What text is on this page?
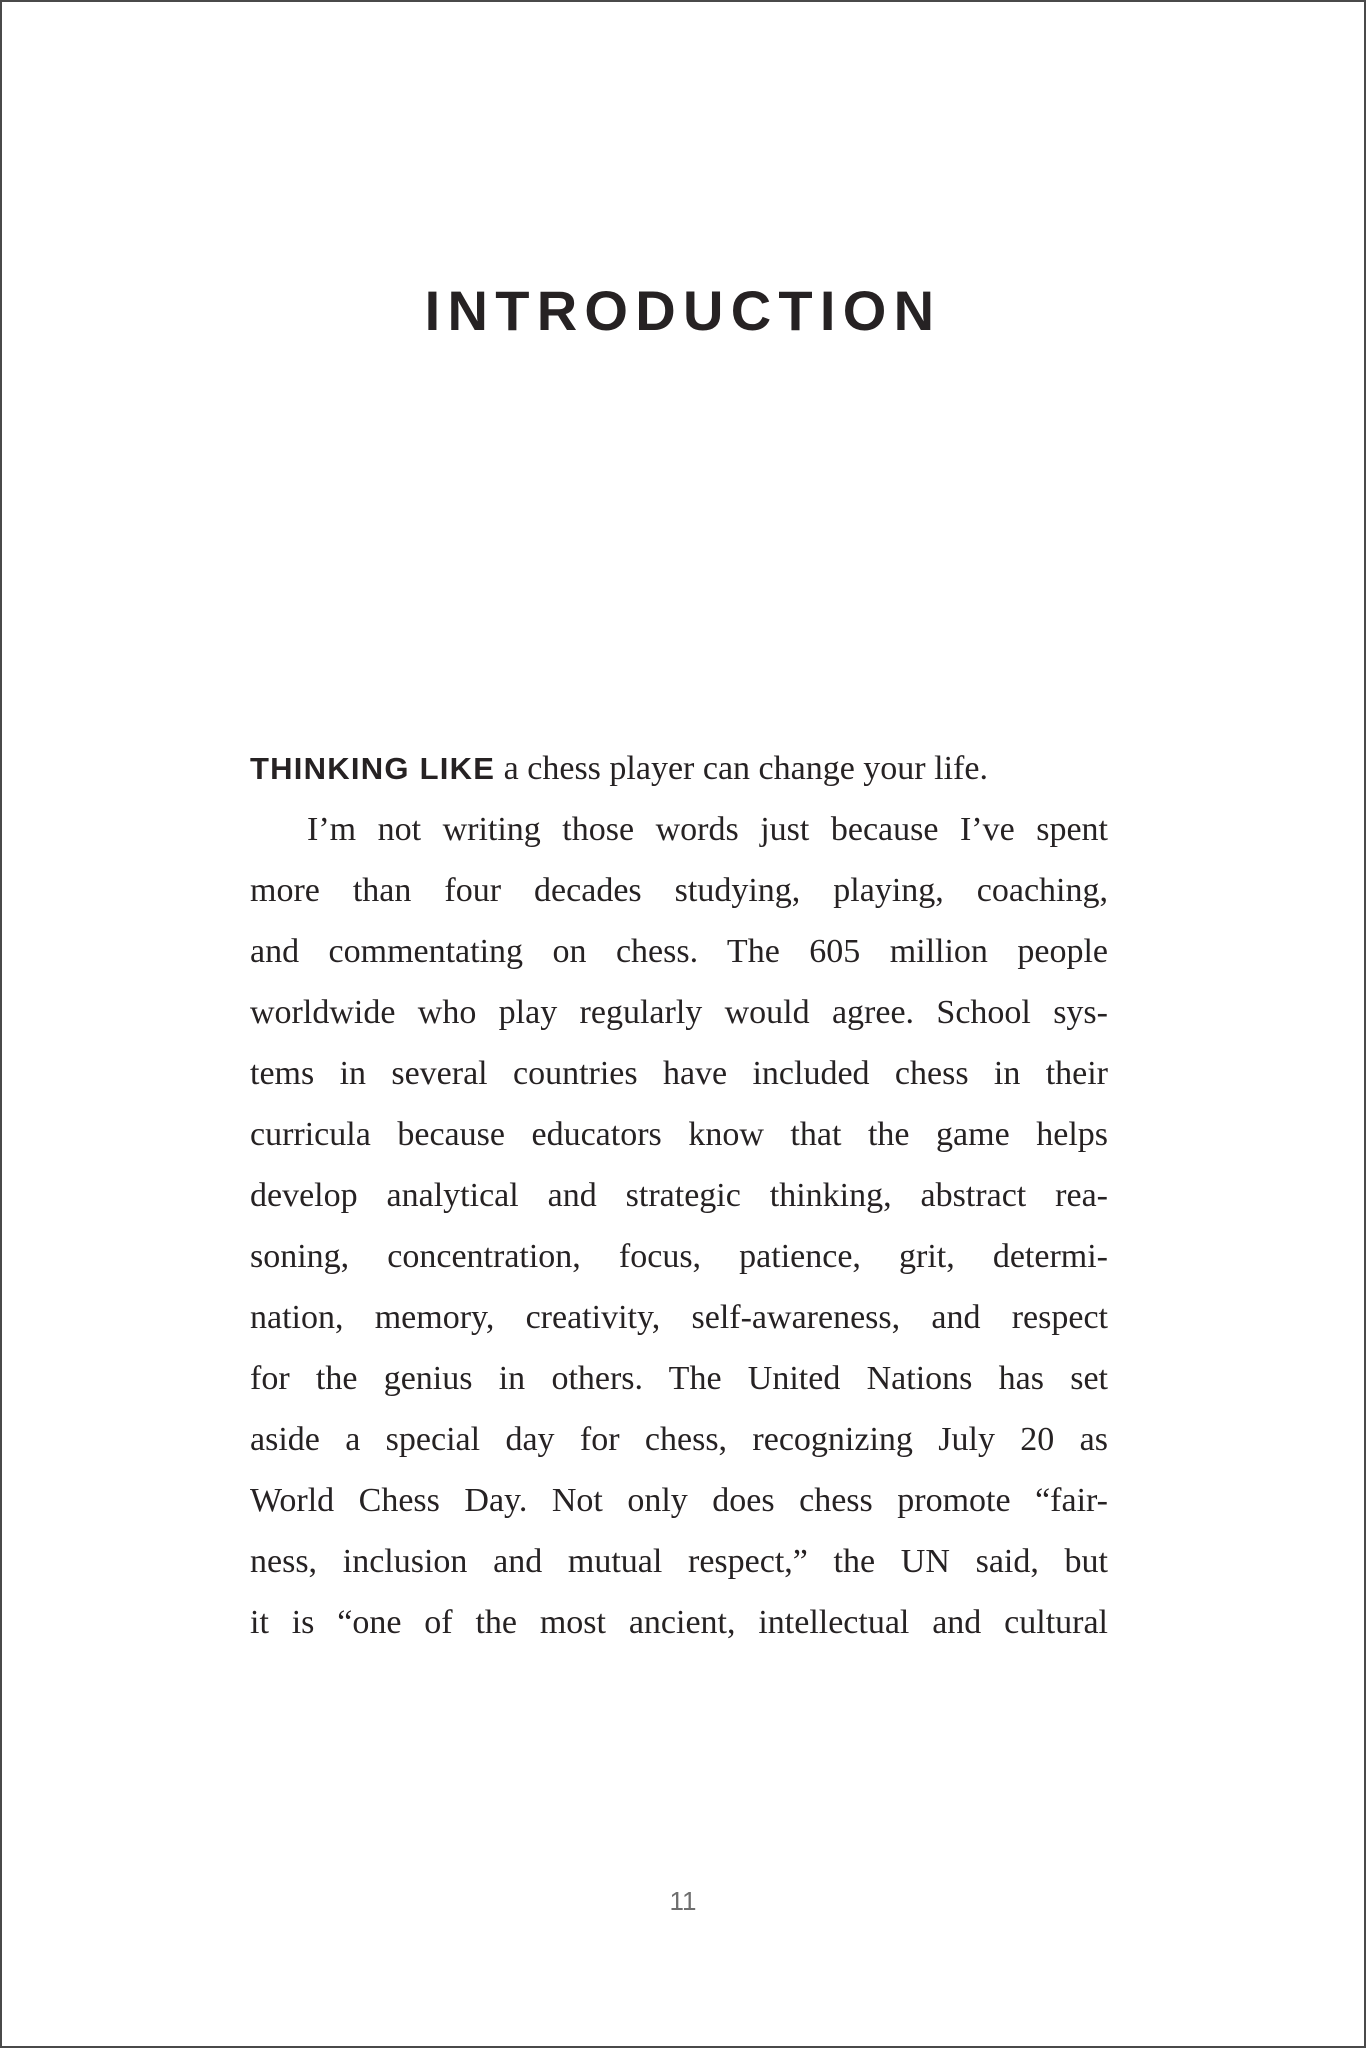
INTRODUCTION
THINKING LIKE a chess player can change your life.
I’m not writing those words just because I’ve spent
more than four decades studying, playing, coaching,
and commentating on chess. The 605 million people
worldwide who play regularly would agree. School sys-
tems in several countries have included chess in their
curricula because educators know that the game helps
develop analytical and strategic thinking, abstract rea-
soning, concentration, focus, patience, grit, determi-
nation, memory, creativity, self-awareness, and respect
for the genius in others. The United Nations has set
aside a special day for chess, recognizing July 20 as
World Chess Day. Not only does chess promote “fair-
ness, inclusion and mutual respect,” the UN said, but
it is “one of the most ancient, intellectual and cultural
11
